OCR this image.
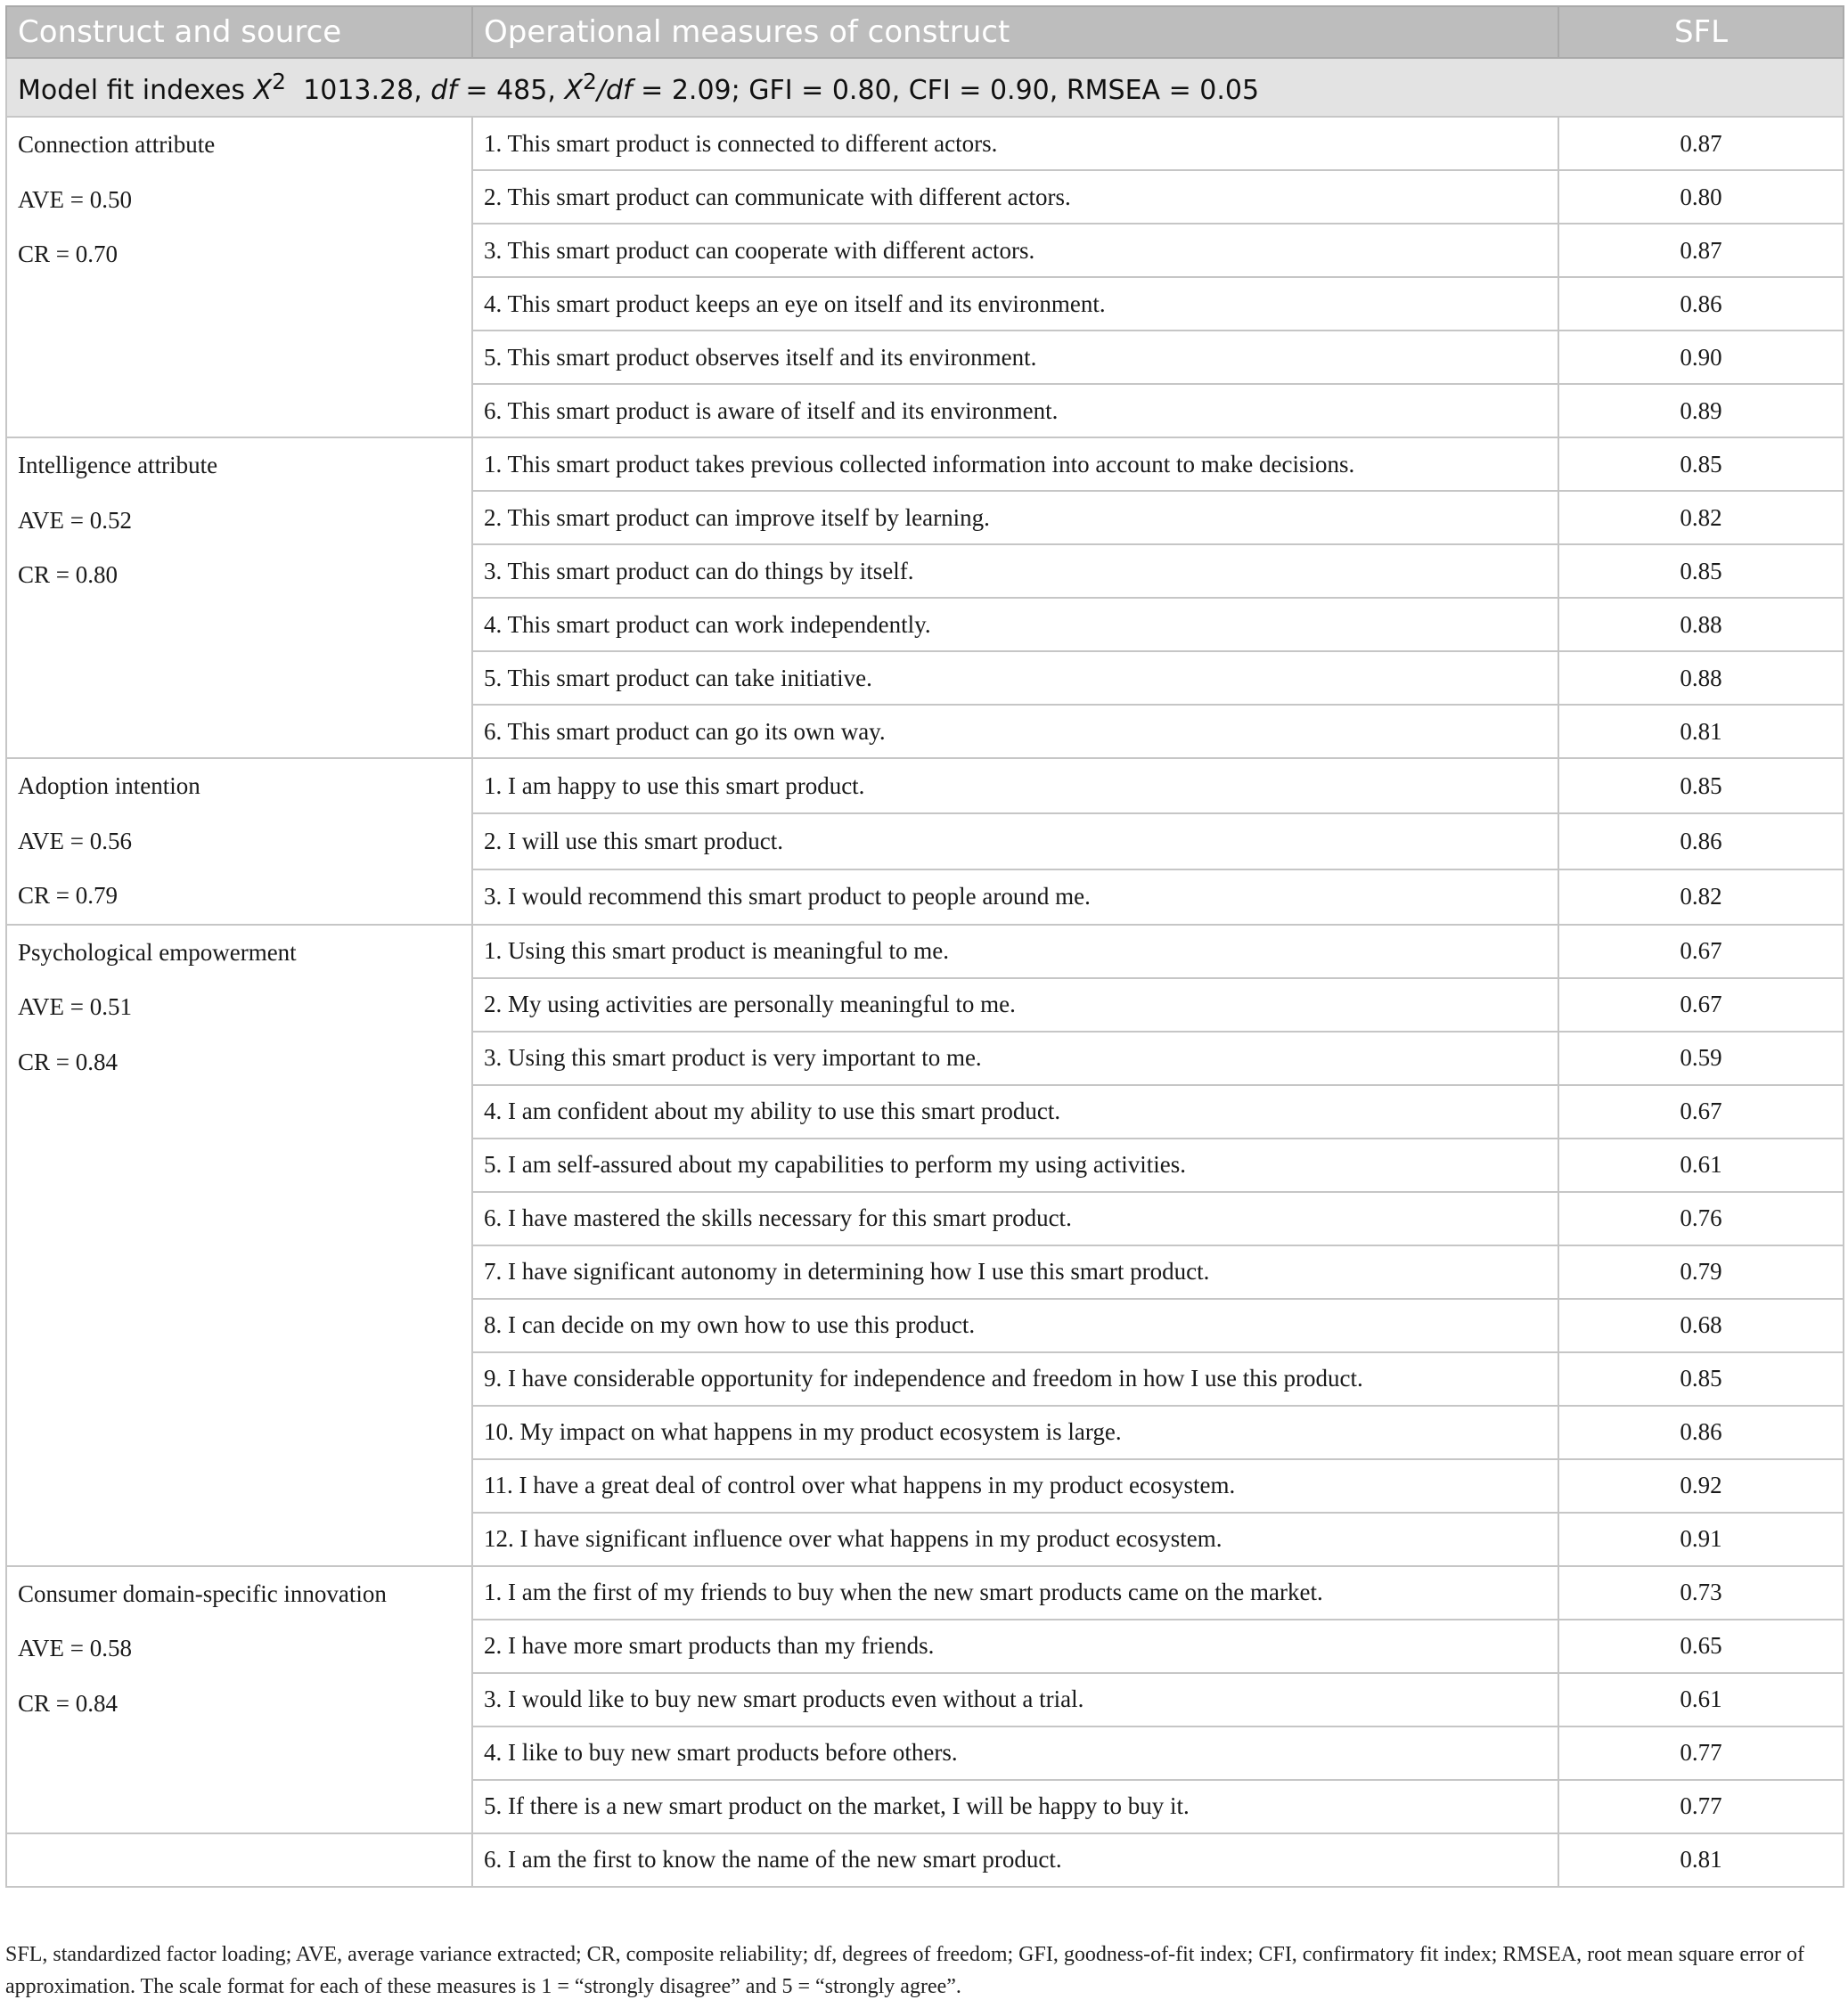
Construct and source	Operational measures of construct	SFL
Model fit indexes $X^2$ 1013.28, df = 485, $X^2/df = 2.09$; GFI = 0.80, CFI = 0.90, RMSEA = 0.05		

Connection attribute
AVE = 0.50
CR = 0.70	1. This smart product is connected to different actors.	0.87
	2. This smart product can communicate with different actors.	0.80
	3. This smart product can cooperate with different actors.	0.87
	4. This smart product keeps an eye on itself and its environment.	0.86
	5. This smart product observes itself and its environment.	0.90
	6. This smart product is aware of itself and its environment.	0.89

Intelligence attribute
AVE = 0.52
CR = 0.80	1. This smart product takes previous collected information into account to make decisions.	0.85
	2. This smart product can improve itself by learning.	0.82
	3. This smart product can do things by itself.	0.85
	4. This smart product can work independently.	0.88
	5. This smart product can take initiative.	0.88
	6. This smart product can go its own way.	0.81

Adoption intention
AVE = 0.56
CR = 0.79	1. I am happy to use this smart product.	0.85
	2. I will use this smart product.	0.86
	3. I would recommend this smart product to people around me.	0.82

Psychological empowerment
AVE = 0.51
CR = 0.84	1. Using this smart product is meaningful to me.	0.67
	2. My using activities are personally meaningful to me.	0.67
	3. Using this smart product is very important to me.	0.59
	4. I am confident about my ability to use this smart product.	0.67
	5. I am self-assured about my capabilities to perform my using activities.	0.61
	6. I have mastered the skills necessary for this smart product.	0.76
	7. I have significant autonomy in determining how I use this smart product.	0.79
	8. I can decide on my own how to use this product.	0.68
	9. I have considerable opportunity for independence and freedom in how I use this product.	0.85
	10. My impact on what happens in my product ecosystem is large.	0.86
	11. I have a great deal of control over what happens in my product ecosystem.	0.92
	12. I have significant influence over what happens in my product ecosystem.	0.91

Consumer domain-specific innovation
AVE = 0.58
CR = 0.84	1. I am the first of my friends to buy when the new smart products came on the market.	0.73
	2. I have more smart products than my friends.	0.65
	3. I would like to buy new smart products even without a trial.	0.61
	4. I like to buy new smart products before others.	0.77
	5. If there is a new smart product on the market, I will be happy to buy it.	0.77
	6. I am the first to know the name of the new smart product.	0.81
SFL, standardized factor loading; AVE, average variance extracted; CR, composite reliability; df, degrees of freedom; GFI, goodness-of-fit index; CFI, confirmatory fit index; RMSEA, root mean square error of approximation. The scale format for each of these measures is 1 = “strongly disagree” and 5 = “strongly agree”.
